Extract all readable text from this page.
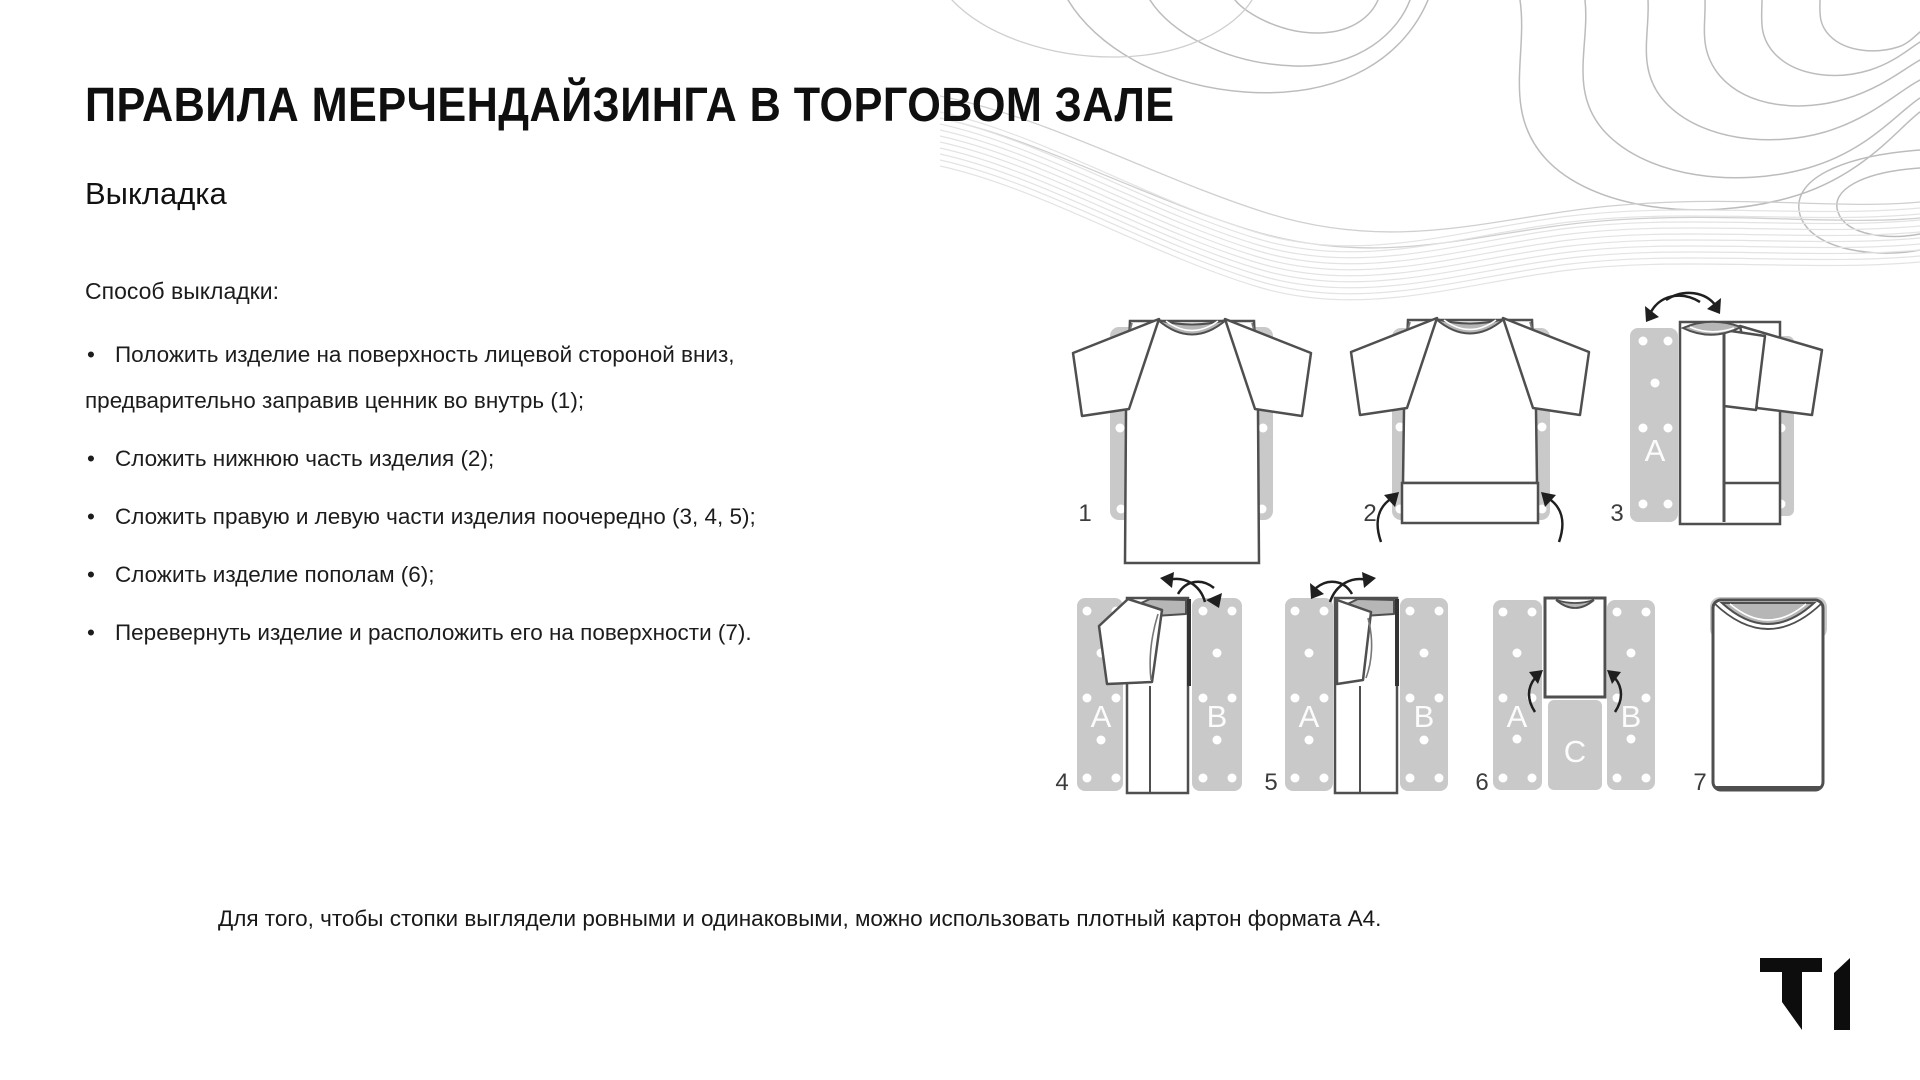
ПРАВИЛА МЕРЧЕНДАЙЗИНГА В ТОРГОВОМ ЗАЛЕ
Выкладка

Способ выкладки:

• Положить изделие на поверхность лицевой стороной вниз,
предварительно заправив ценник во внутрь (1);
• Сложить нижнюю часть изделия (2);
• Сложить правую и левую части изделия поочередно (3, 4, 5);
• Сложить изделие пополам (6);
• Перевернуть изделие и расположить его на поверхности (7).
Для того, чтобы стопки выглядели ровными и одинаковыми, можно использовать плотный картон формата А4.
1	2
A
3
A	B
4
A	B
5
A	B
C
6	7
